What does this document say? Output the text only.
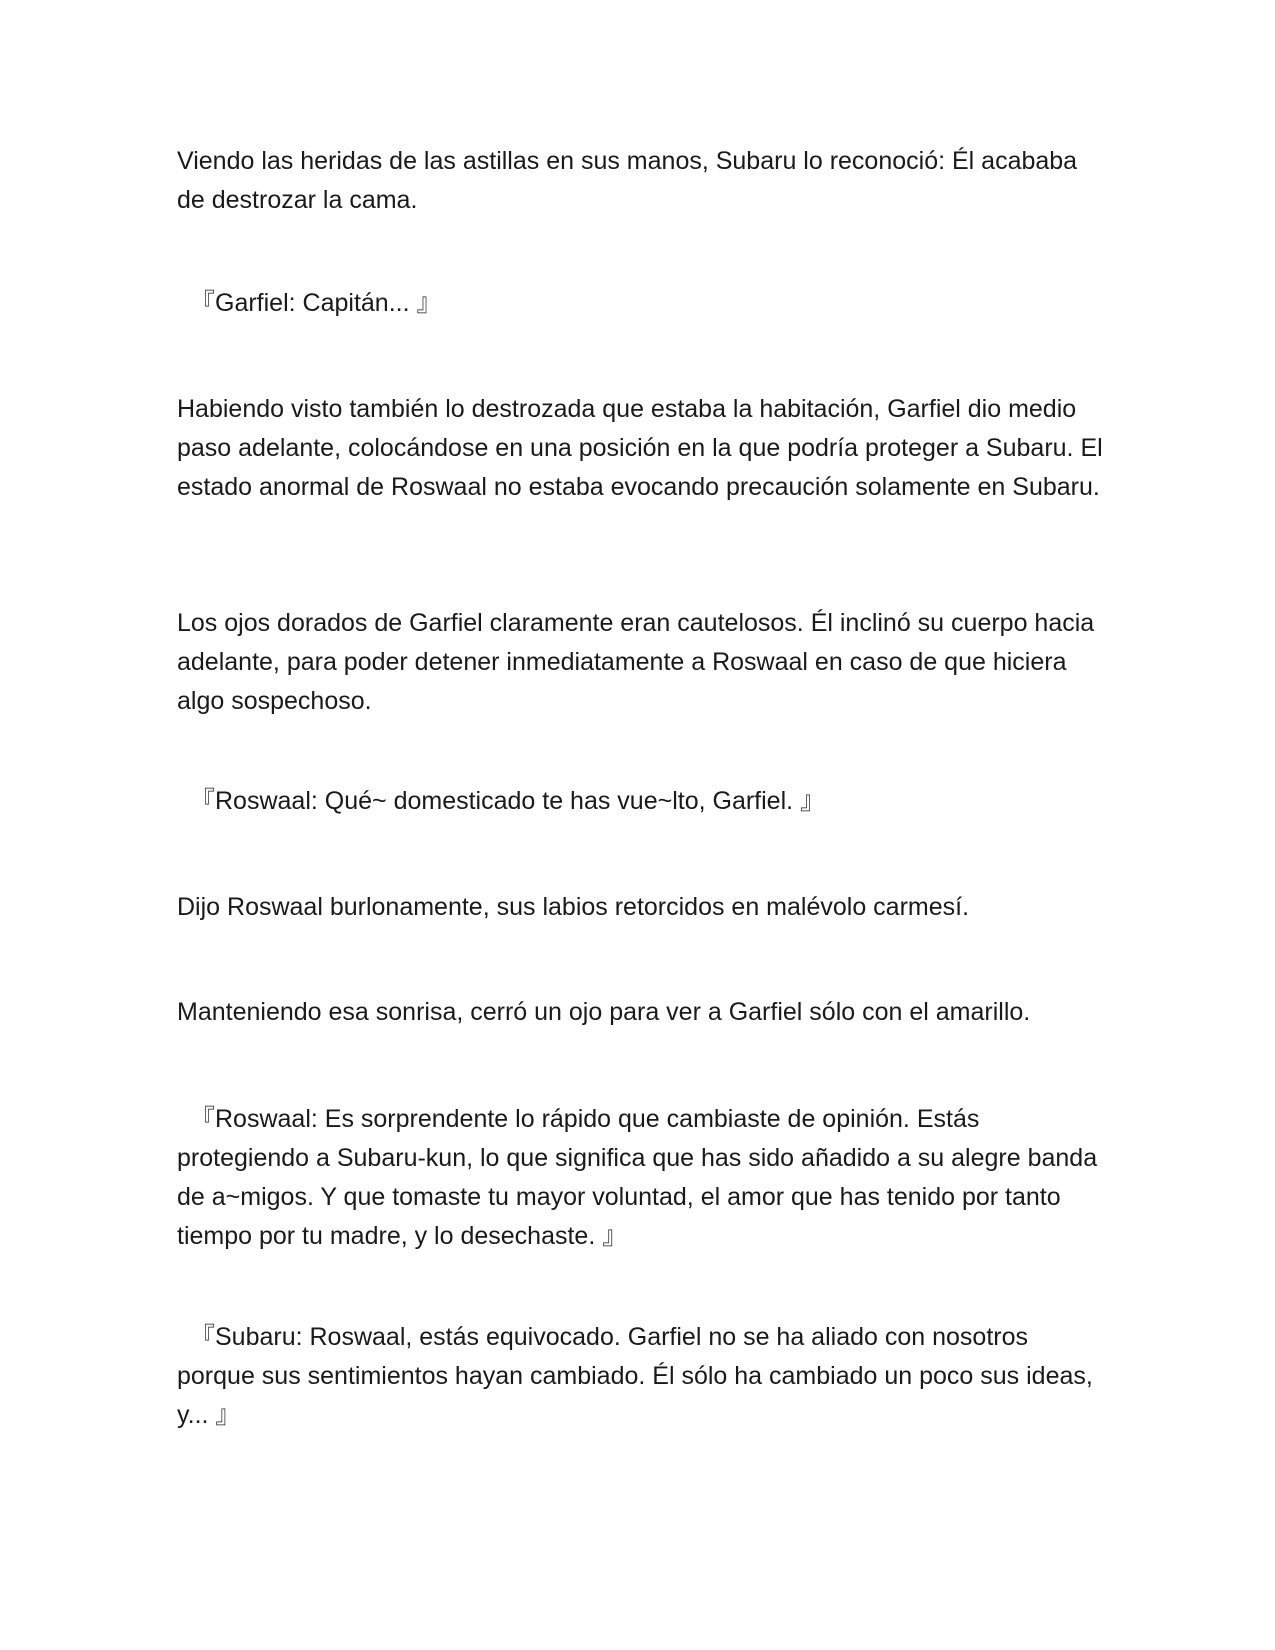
Viendo las heridas de las astillas en sus manos, Subaru lo reconoció: Él acababa de destrozar la cama.

『Garfiel: Capitán... 』

Habiendo visto también lo destrozada que estaba la habitación, Garfiel dio medio paso adelante, colocándose en una posición en la que podría proteger a Subaru. El estado anormal de Roswaal no estaba evocando precaución solamente en Subaru.

Los ojos dorados de Garfiel claramente eran cautelosos. Él inclinó su cuerpo hacia adelante, para poder detener inmediatamente a Roswaal en caso de que hiciera algo sospechoso.

『Roswaal: Qué~ domesticado te has vue~lto, Garfiel. 』

Dijo Roswaal burlonamente, sus labios retorcidos en malévolo carmesí.

Manteniendo esa sonrisa, cerró un ojo para ver a Garfiel sólo con el amarillo.

『Roswaal: Es sorprendente lo rápido que cambiaste de opinión. Estás protegiendo a Subaru-kun, lo que significa que has sido añadido a su alegre banda de a~migos. Y que tomaste tu mayor voluntad, el amor que has tenido por tanto tiempo por tu madre, y lo desechaste. 』

『Subaru: Roswaal, estás equivocado. Garfiel no se ha aliado con nosotros porque sus sentimientos hayan cambiado. Él sólo ha cambiado un poco sus ideas, y... 』
